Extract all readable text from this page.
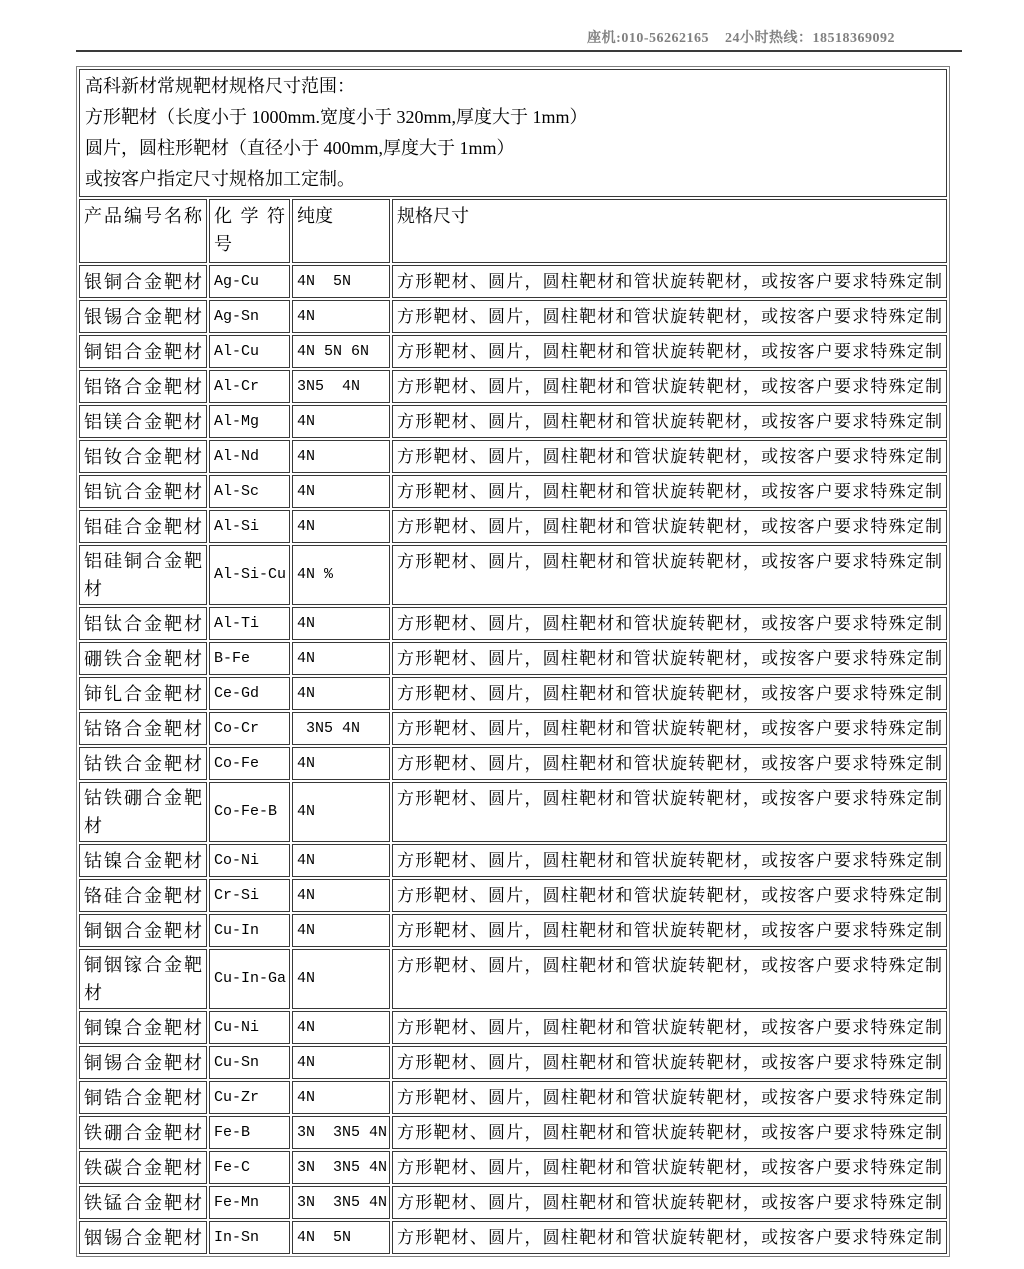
座机:010-56262165    24小时热线：18518369092

高科新材常规靶材规格尺寸范围：

方形靶材（长度小于 1000mm.宽度小于 320mm,厚度大于 1mm）

圆片，圆柱形靶材（直径小于 400mm,厚度大于 1mm）

或按客户指定尺寸规格加工定制。			

产品编号名称	化学符号	纯度	规格尺寸
银铜合金靶材	Ag-Cu	4N  5N	方形靶材、圆片，圆柱靶材和管状旋转靶材，或按客户要求特殊定制
银锡合金靶材	Ag-Sn	4N	方形靶材、圆片，圆柱靶材和管状旋转靶材，或按客户要求特殊定制
铜铝合金靶材	Al-Cu	4N 5N 6N	方形靶材、圆片，圆柱靶材和管状旋转靶材，或按客户要求特殊定制
铝铬合金靶材	Al-Cr	3N5  4N	方形靶材、圆片，圆柱靶材和管状旋转靶材，或按客户要求特殊定制
铝镁合金靶材	Al-Mg	4N	方形靶材、圆片，圆柱靶材和管状旋转靶材，或按客户要求特殊定制
铝钕合金靶材	Al-Nd	4N	方形靶材、圆片，圆柱靶材和管状旋转靶材，或按客户要求特殊定制
铝钪合金靶材	Al-Sc	4N	方形靶材、圆片，圆柱靶材和管状旋转靶材，或按客户要求特殊定制
铝硅合金靶材	Al-Si	4N	方形靶材、圆片，圆柱靶材和管状旋转靶材，或按客户要求特殊定制
铝硅铜合金靶材	Al-Si-Cu	4N %	方形靶材、圆片，圆柱靶材和管状旋转靶材，或按客户要求特殊定制
铝钛合金靶材	Al-Ti	4N	方形靶材、圆片，圆柱靶材和管状旋转靶材，或按客户要求特殊定制
硼铁合金靶材	B-Fe	4N	方形靶材、圆片，圆柱靶材和管状旋转靶材，或按客户要求特殊定制
铈钆合金靶材	Ce-Gd	4N	方形靶材、圆片，圆柱靶材和管状旋转靶材，或按客户要求特殊定制
钴铬合金靶材	Co-Cr	3N5 4N	方形靶材、圆片，圆柱靶材和管状旋转靶材，或按客户要求特殊定制
钴铁合金靶材	Co-Fe	4N	方形靶材、圆片，圆柱靶材和管状旋转靶材，或按客户要求特殊定制
钴铁硼合金靶材	Co-Fe-B	4N	方形靶材、圆片，圆柱靶材和管状旋转靶材，或按客户要求特殊定制
钴镍合金靶材	Co-Ni	4N	方形靶材、圆片，圆柱靶材和管状旋转靶材，或按客户要求特殊定制
铬硅合金靶材	Cr-Si	4N	方形靶材、圆片，圆柱靶材和管状旋转靶材，或按客户要求特殊定制
铜铟合金靶材	Cu-In	4N	方形靶材、圆片，圆柱靶材和管状旋转靶材，或按客户要求特殊定制
铜铟镓合金靶材	Cu-In-Ga	4N	方形靶材、圆片，圆柱靶材和管状旋转靶材，或按客户要求特殊定制
铜镍合金靶材	Cu-Ni	4N	方形靶材、圆片，圆柱靶材和管状旋转靶材，或按客户要求特殊定制
铜锡合金靶材	Cu-Sn	4N	方形靶材、圆片，圆柱靶材和管状旋转靶材，或按客户要求特殊定制
铜锆合金靶材	Cu-Zr	4N	方形靶材、圆片，圆柱靶材和管状旋转靶材，或按客户要求特殊定制
铁硼合金靶材	Fe-B	3N  3N5 4N	方形靶材、圆片，圆柱靶材和管状旋转靶材，或按客户要求特殊定制
铁碳合金靶材	Fe-C	3N  3N5 4N	方形靶材、圆片，圆柱靶材和管状旋转靶材，或按客户要求特殊定制
铁锰合金靶材	Fe-Mn	3N  3N5 4N	方形靶材、圆片，圆柱靶材和管状旋转靶材，或按客户要求特殊定制
铟锡合金靶材	In-Sn	4N  5N	方形靶材、圆片，圆柱靶材和管状旋转靶材，或按客户要求特殊定制
